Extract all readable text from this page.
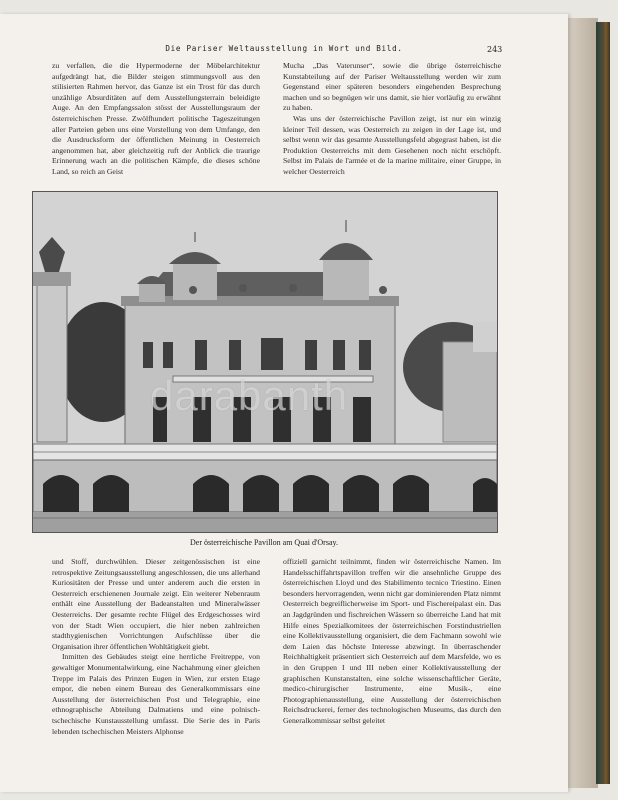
Die Pariser Weltausstellung in Wort und Bild.	243

zu verfallen, die die Hypermoderne der Möbelarchitektur aufgedrängt hat, die Bilder steigen stimmungsvoll aus den stilisierten Rahmen hervor, das Ganze ist ein Trost für das durch unzählige Absurditäten auf dem Ausstellungsterrain beleidigte Auge. An den Empfangssalon stösst der Ausstellungsraum der österreichischen Presse. Zwölfhundert politische Tageszeitungen aller Parteien geben uns eine Vorstellung von dem Umfange, den die Ausdrucksform der öffentlichen Meinung in Oesterreich angenommen hat, aber gleichzeitig ruft der Anblick die traurige Erinnerung wach an die politischen Kämpfe, die dieses schöne Land, so reich an Geist

Mucha „Das Vaterunser“, sowie die übrige österreichische Kunstabteilung auf der Pariser Weltausstellung werden wir zum Gegenstand einer späteren besonders eingehenden Besprechung machen und so begnügen wir uns damit, sie hier vorläufig zu erwähnt zu haben.

Was uns der österreichische Pavillon zeigt, ist nur ein winzig kleiner Teil dessen, was Oesterreich zu zeigen in der Lage ist, und selbst wenn wir das gesamte Ausstellungsfeld abgegrast haben, ist die Produktion Oesterreichs mit dem Gesehenen noch nicht erschöpft. Selbst im Palais de l'armée et de la marine militaire, einer Gruppe, in welcher Oesterreich

darabanth
Der österreichische Pavillon am Quai d'Orsay.

und Stoff, durchwühlen. Dieser zeitgenössischen ist eine retrospektive Zeitungsausstellung angeschlossen, die uns allerhand Kuriositäten der Presse und unter anderem auch die ersten in Oesterreich erschienenen Journale zeigt. Ein weiterer Nebenraum enthält eine Ausstellung der Badeanstalten und Mineralwässer Oesterreichs. Der gesamte rechte Flügel des Erdgeschosses wird von der Stadt Wien occupiert, die hier neben zahlreichen stadthygienischen Vorrichtungen Aufschlüsse über die Organisation ihrer öffentlichen Wohltätigkeit giebt.

Inmitten des Gebäudes steigt eine herrliche Freitreppe, von gewaltiger Monumentalwirkung, eine Nachahmung einer gleichen Treppe im Palais des Prinzen Eugen in Wien, zur ersten Etage empor, die neben einem Bureau des Generalkommissars eine Ausstellung der österreichischen Post und Telegraphie, eine ethnographische Abteilung Dalmatiens und eine polnisch-tschechische Kunstausstellung umfasst. Die Serie des in Paris lebenden tschechischen Meisters Alphonse

offiziell garnicht teilnimmt, finden wir österreichische Namen. Im Handelsschiffahrtspavillon treffen wir die ansehnliche Gruppe des österreichischen Lloyd und des Stabilimento tecnico Triestino. Einen besonders hervorragenden, wenn nicht gar dominierenden Platz nimmt Oesterreich begreiflicherweise im Sport- und Fischereipalast ein. Das an Jagdgründen und fischreichen Wässern so überreiche Land hat mit Hilfe eines Spezialkomitees der österreichischen Forstindustriellen eine Kollektivausstellung organisiert, die dem Fachmann sowohl wie dem Laien das höchste Interesse abzwingt. In überraschender Reichhaltigkeit präsentiert sich Oesterreich auf dem Marsfelde, wo es in den Gruppen I und III neben einer Kollektivausstellung der graphischen Kunstanstalten, eine solche wissenschaftlicher Geräte, medico-chirurgischer Instrumente, eine Musik-, eine Photographienausstellung, eine Ausstellung der österreichischen Reichsdruckerei, ferner des technologischen Museums, das durch den Generalkommissar selbst geleitet
